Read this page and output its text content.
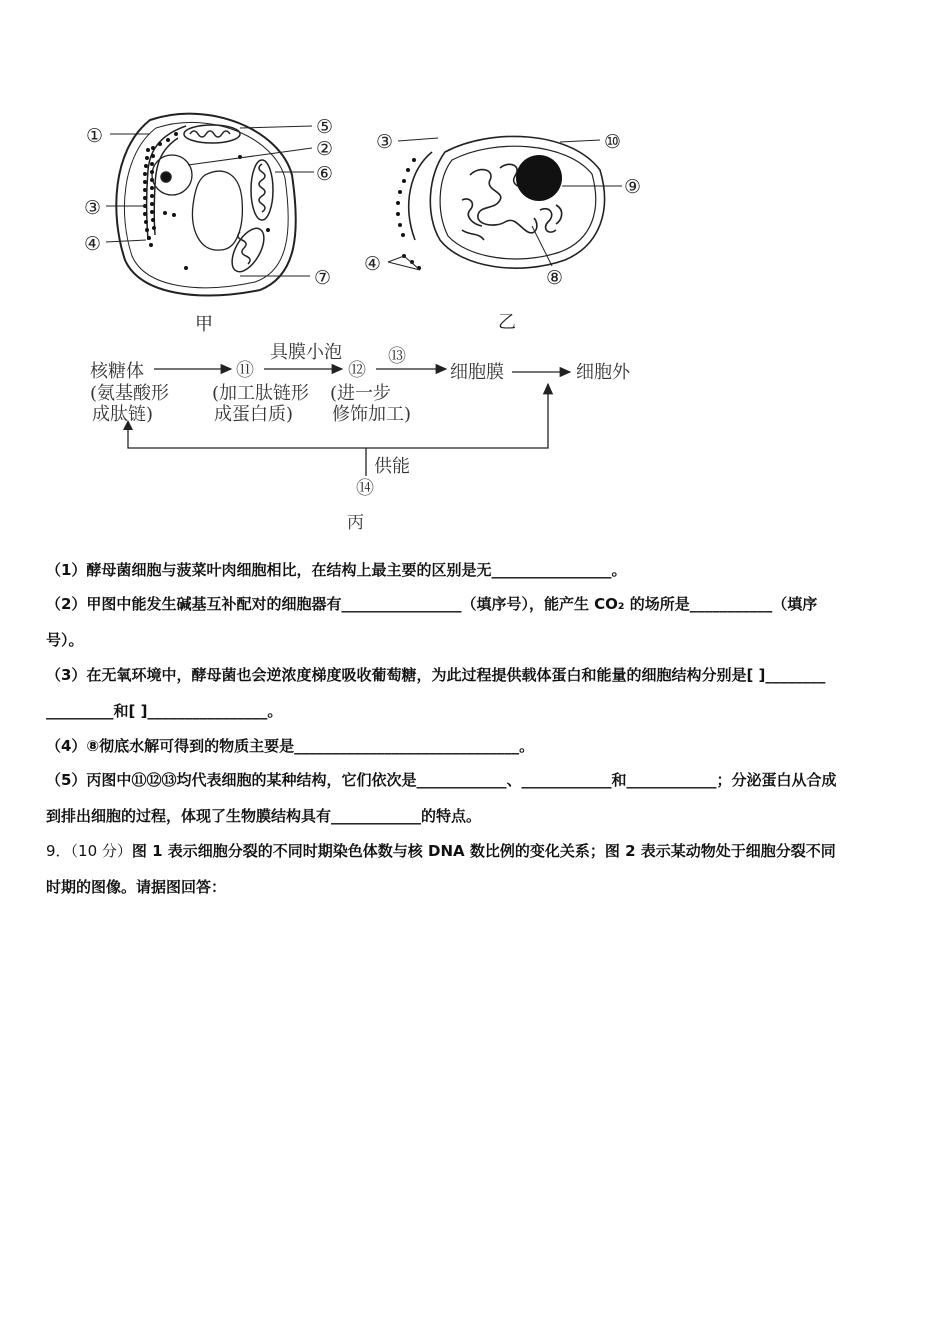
①	⑤
②
⑥
③
④
⑦
甲
③	⑩
⑨
④
⑧
乙
核糖体
(氨基酸形
成肽链)
⑪
(加工肽链形
成蛋白质)
具膜小泡
⑫
⑬
(进一步
修饰加工)
细胞膜	细胞外
供能
⑭
丙
（1）酵母菌细胞与菠菜叶肉细胞相比，在结构上最主要的区别是无________________。
（2）甲图中能发生碱基互补配对的细胞器有________________（填序号），能产生 CO₂ 的场所是___________（填序
号）。
（3）在无氧环境中，酵母菌也会逆浓度梯度吸收葡萄糖，为此过程提供载体蛋白和能量的细胞结构分别是[ ]________
_________和[ ]________________。
（4）⑧彻底水解可得到的物质主要是______________________________。
（5）丙图中⑪⑫⑬均代表细胞的某种结构，它们依次是____________、____________和____________；分泌蛋白从合成
到排出细胞的过程，体现了生物膜结构具有____________的特点。
9．（10 分）图 1 表示细胞分裂的不同时期染色体数与核 DNA 数比例的变化关系；图 2 表示某动物处于细胞分裂不同
时期的图像。请据图回答：
